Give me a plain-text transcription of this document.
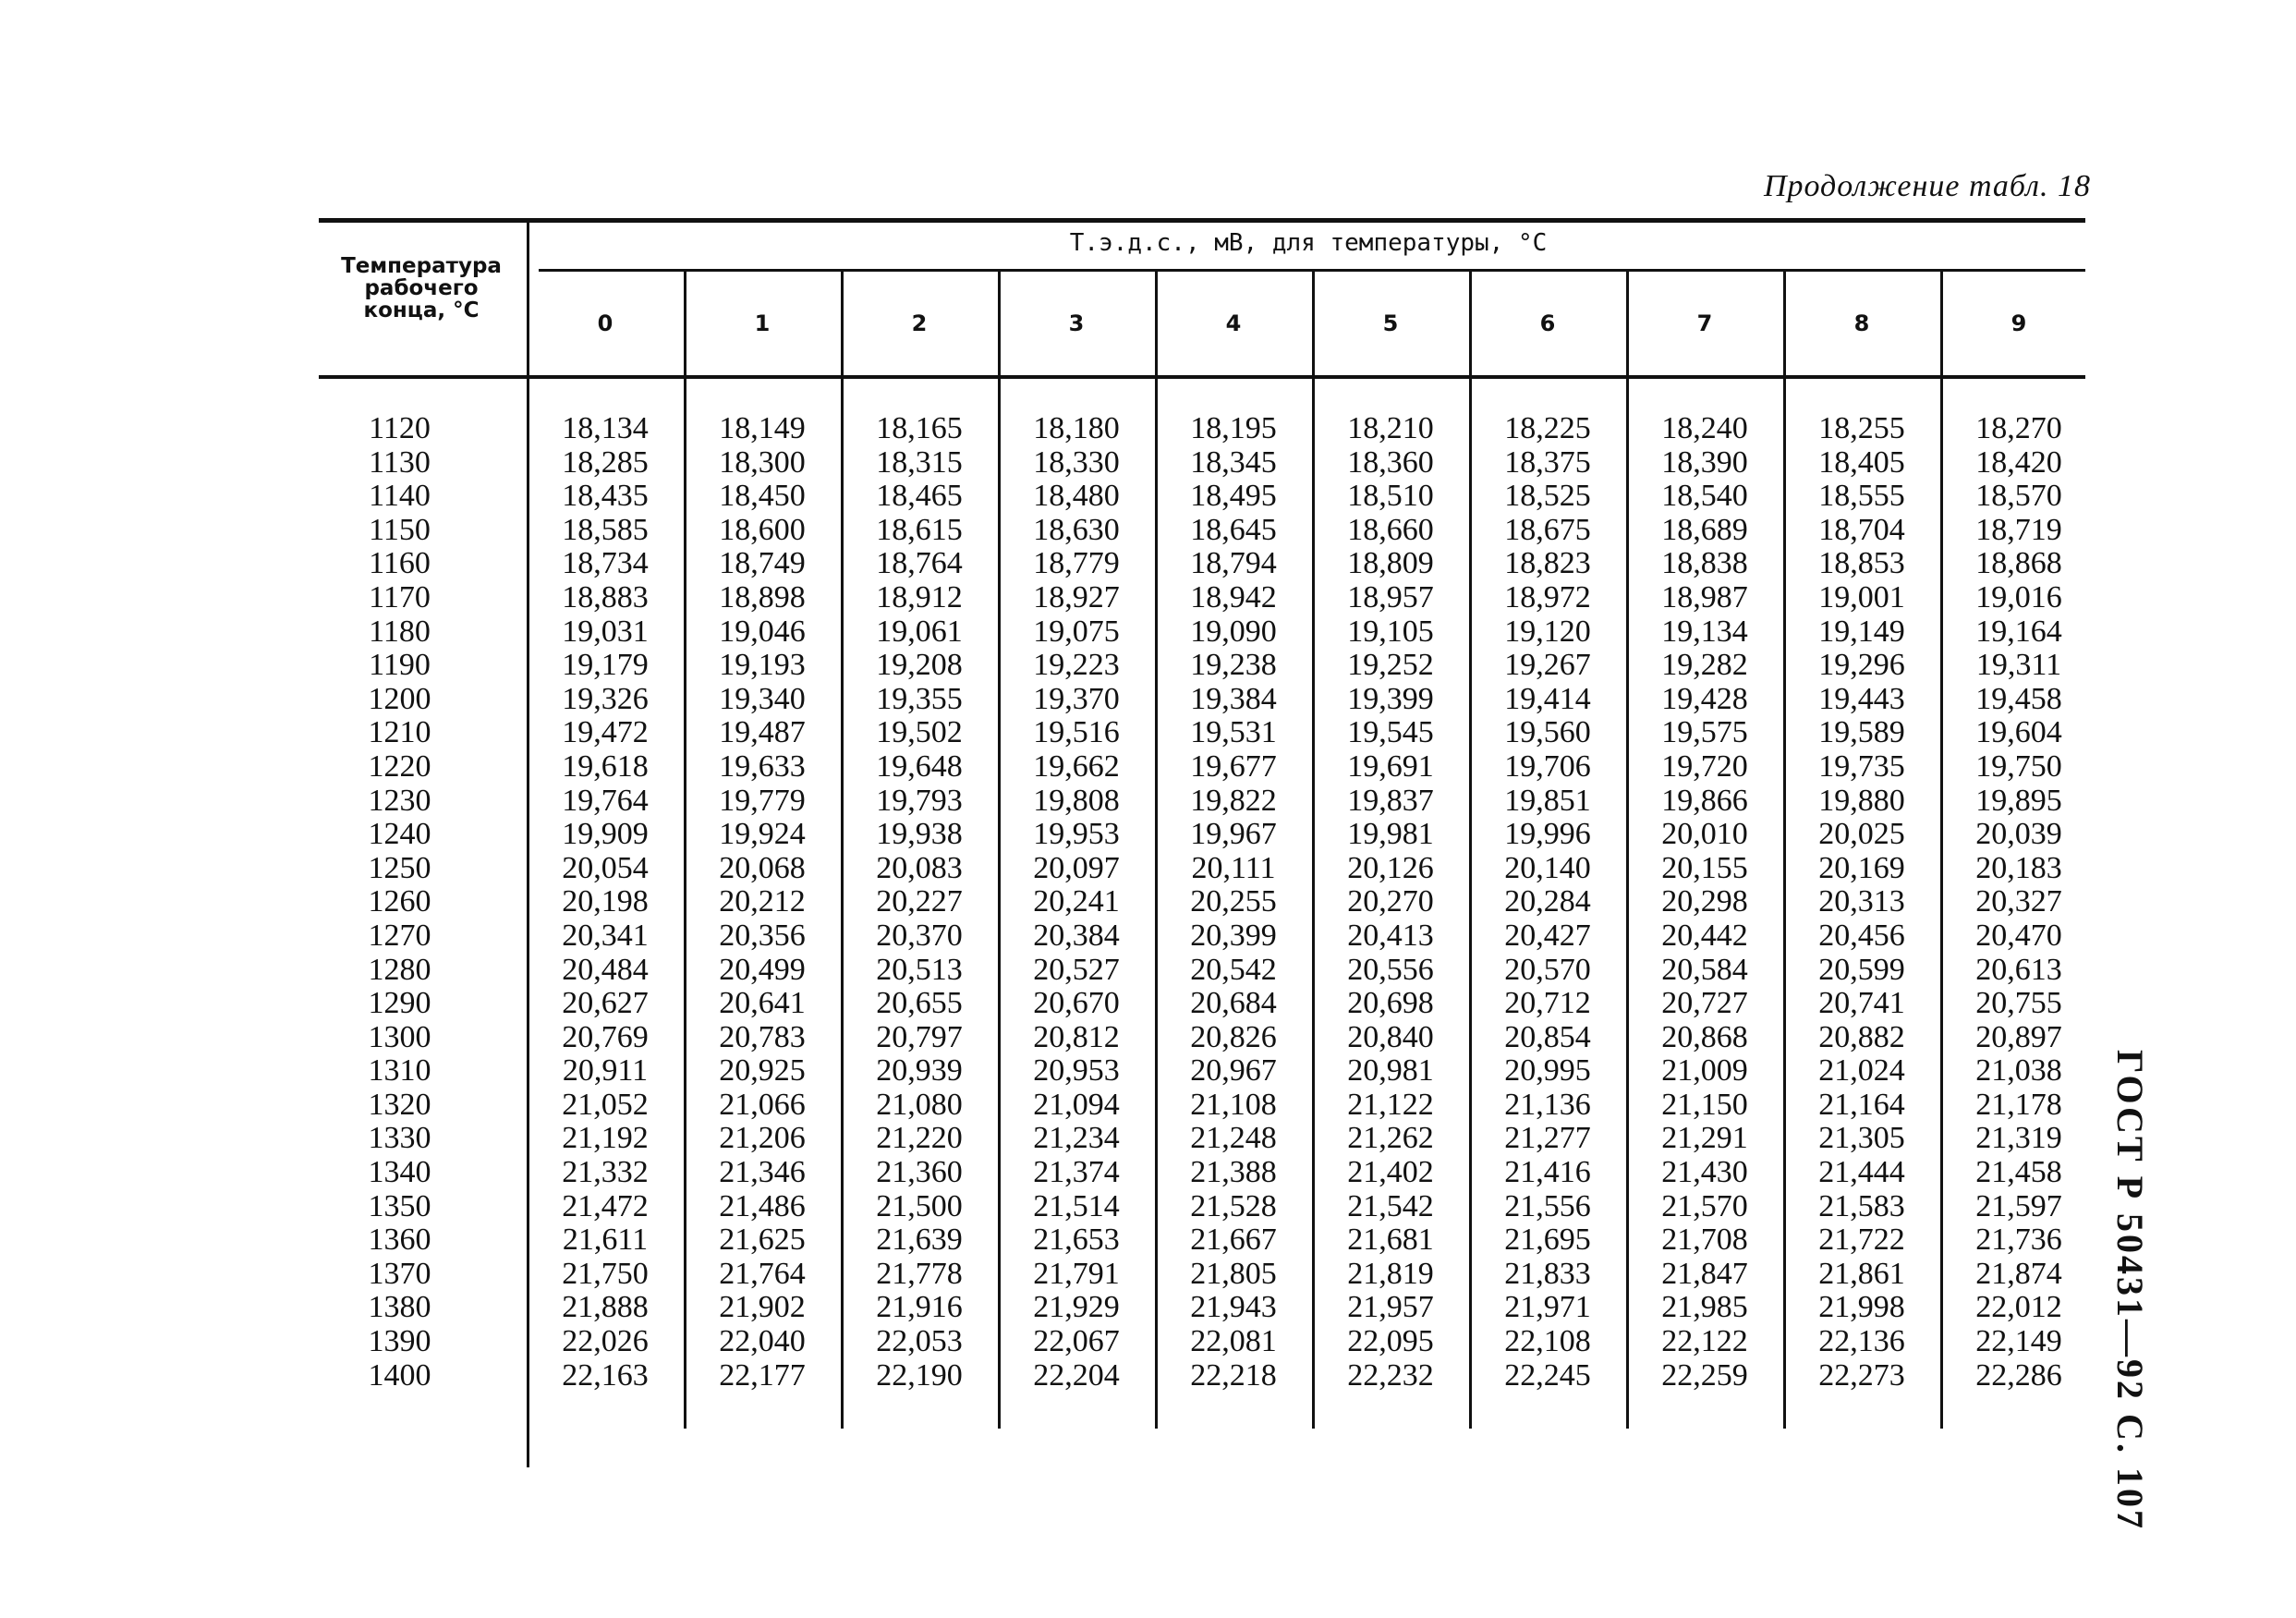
Продолжение табл. 18
Температура
рабочего
конца, °C
Т.э.д.с., мВ, для температуры, °C
0	1	2	3	4	5	6	7	8	9
1120	18,134	18,149	18,165	18,180	18,195	18,210	18,225	18,240	18,255	18,270
1130	18,285	18,300	18,315	18,330	18,345	18,360	18,375	18,390	18,405	18,420
1140	18,435	18,450	18,465	18,480	18,495	18,510	18,525	18,540	18,555	18,570
1150	18,585	18,600	18,615	18,630	18,645	18,660	18,675	18,689	18,704	18,719
1160	18,734	18,749	18,764	18,779	18,794	18,809	18,823	18,838	18,853	18,868
1170	18,883	18,898	18,912	18,927	18,942	18,957	18,972	18,987	19,001	19,016
1180	19,031	19,046	19,061	19,075	19,090	19,105	19,120	19,134	19,149	19,164
1190	19,179	19,193	19,208	19,223	19,238	19,252	19,267	19,282	19,296	19,311
1200	19,326	19,340	19,355	19,370	19,384	19,399	19,414	19,428	19,443	19,458
1210	19,472	19,487	19,502	19,516	19,531	19,545	19,560	19,575	19,589	19,604
1220	19,618	19,633	19,648	19,662	19,677	19,691	19,706	19,720	19,735	19,750
1230	19,764	19,779	19,793	19,808	19,822	19,837	19,851	19,866	19,880	19,895
1240	19,909	19,924	19,938	19,953	19,967	19,981	19,996	20,010	20,025	20,039
1250	20,054	20,068	20,083	20,097	20,111	20,126	20,140	20,155	20,169	20,183
1260	20,198	20,212	20,227	20,241	20,255	20,270	20,284	20,298	20,313	20,327
1270	20,341	20,356	20,370	20,384	20,399	20,413	20,427	20,442	20,456	20,470
1280	20,484	20,499	20,513	20,527	20,542	20,556	20,570	20,584	20,599	20,613
1290	20,627	20,641	20,655	20,670	20,684	20,698	20,712	20,727	20,741	20,755
1300	20,769	20,783	20,797	20,812	20,826	20,840	20,854	20,868	20,882	20,897
1310	20,911	20,925	20,939	20,953	20,967	20,981	20,995	21,009	21,024	21,038
1320	21,052	21,066	21,080	21,094	21,108	21,122	21,136	21,150	21,164	21,178
1330	21,192	21,206	21,220	21,234	21,248	21,262	21,277	21,291	21,305	21,319
1340	21,332	21,346	21,360	21,374	21,388	21,402	21,416	21,430	21,444	21,458
1350	21,472	21,486	21,500	21,514	21,528	21,542	21,556	21,570	21,583	21,597
1360	21,611	21,625	21,639	21,653	21,667	21,681	21,695	21,708	21,722	21,736
1370	21,750	21,764	21,778	21,791	21,805	21,819	21,833	21,847	21,861	21,874
1380	21,888	21,902	21,916	21,929	21,943	21,957	21,971	21,985	21,998	22,012
1390	22,026	22,040	22,053	22,067	22,081	22,095	22,108	22,122	22,136	22,149
1400	22,163	22,177	22,190	22,204	22,218	22,232	22,245	22,259	22,273	22,286	ГОСТ Р 50431—92 С. 107
